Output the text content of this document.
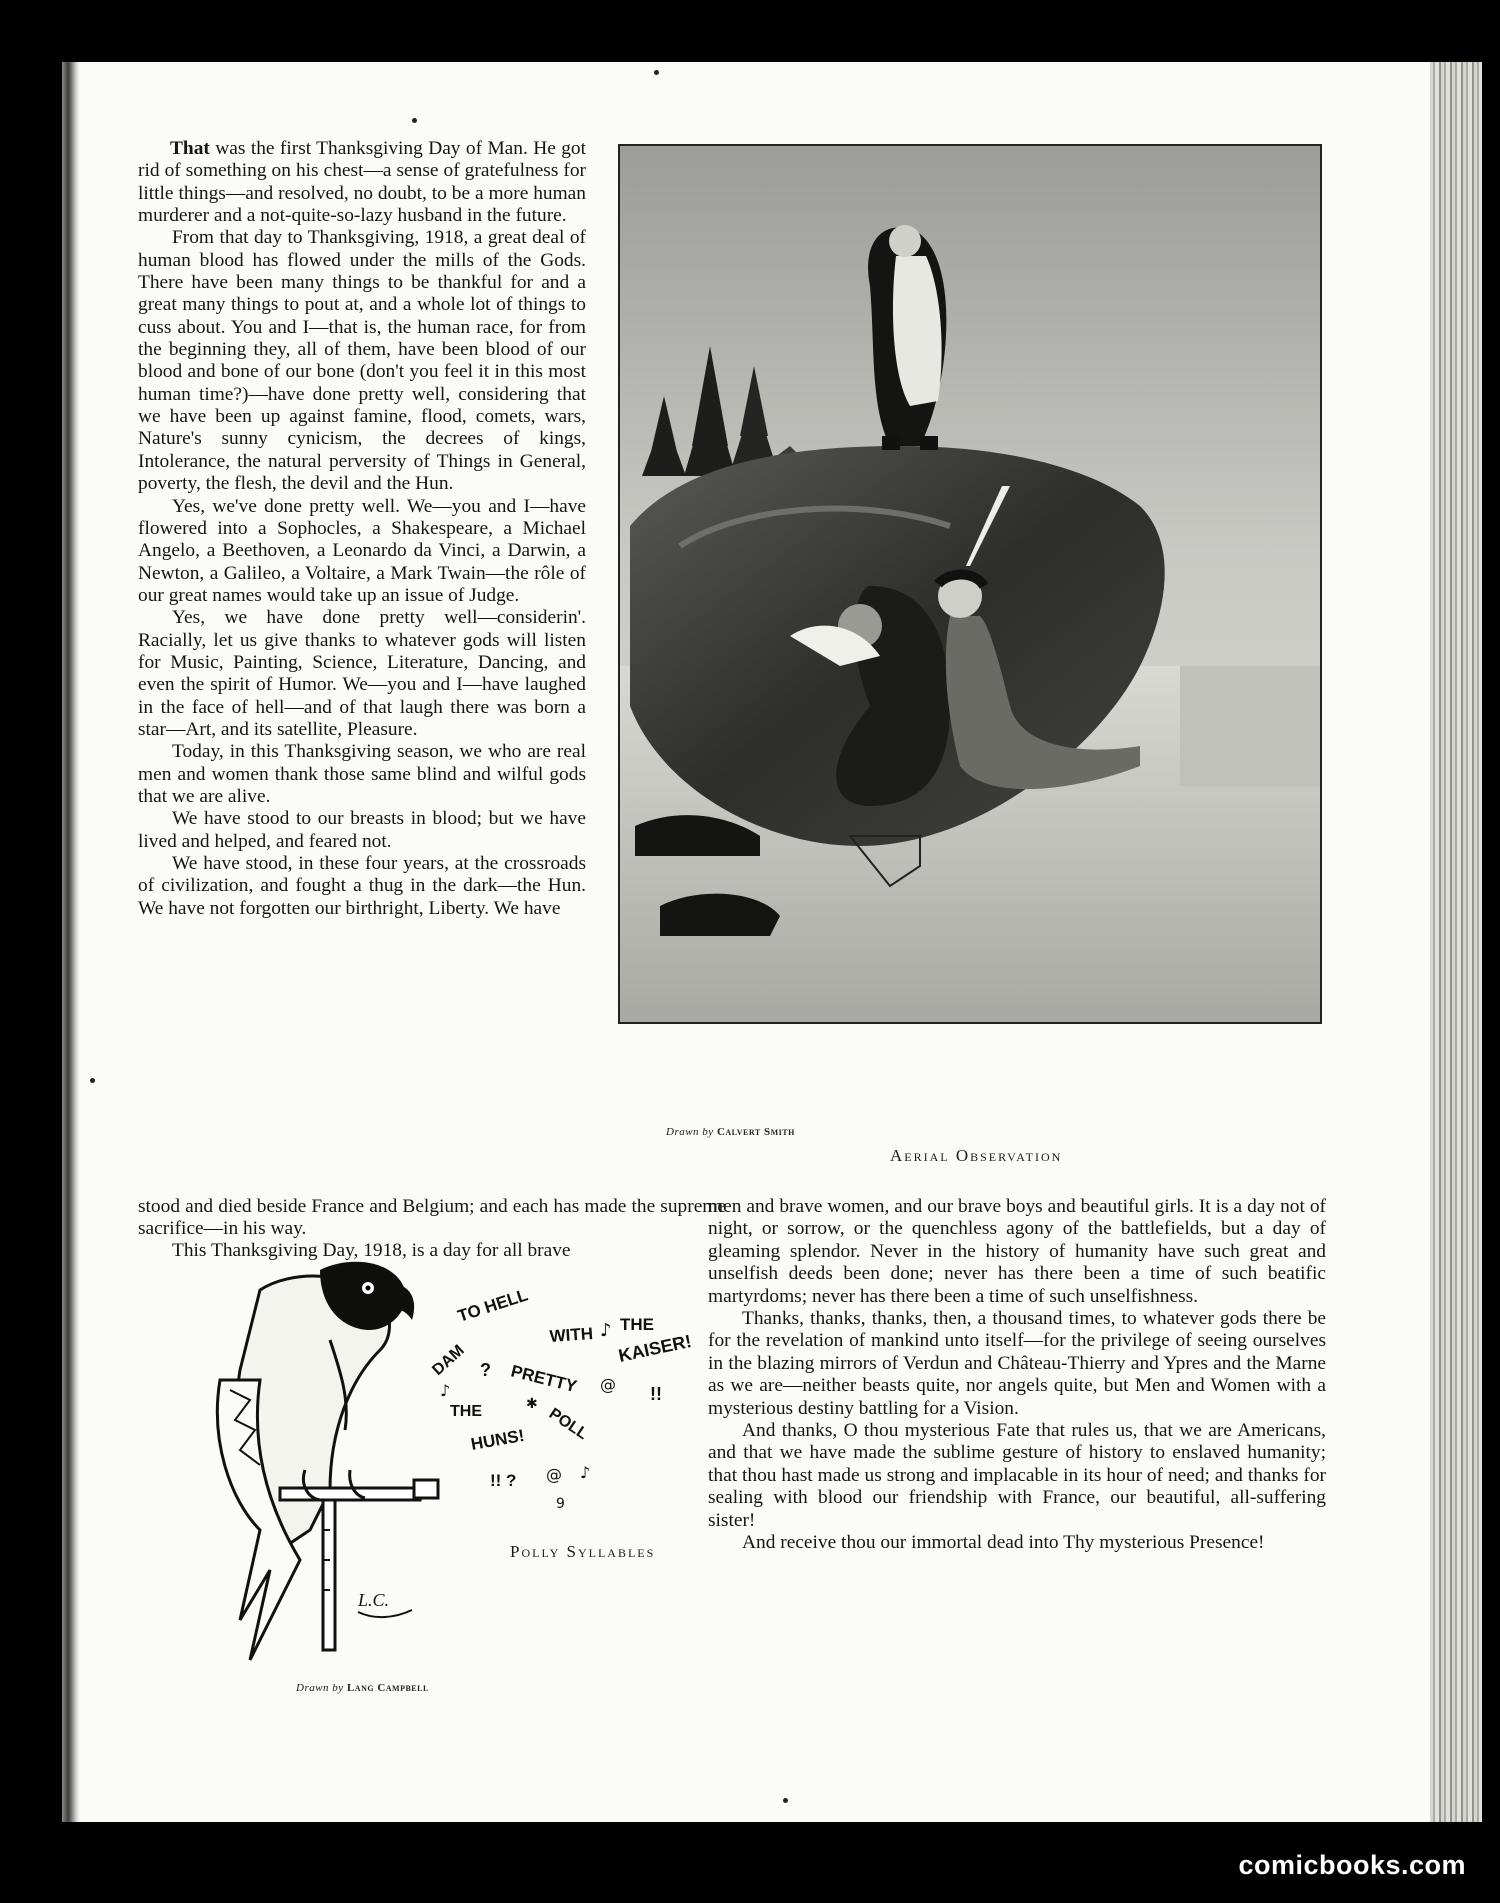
That was the first Thanksgiving Day of Man. He got rid of something on his chest—a sense of gratefulness for little things—and resolved, no doubt, to be a more human murderer and a not-quite-so-lazy husband in the future.

From that day to Thanksgiving, 1918, a great deal of human blood has flowed under the mills of the Gods. There have been many things to be thankful for and a great many things to pout at, and a whole lot of things to cuss about. You and I—that is, the human race, for from the beginning they, all of them, have been blood of our blood and bone of our bone (don't you feel it in this most human time?)—have done pretty well, considering that we have been up against famine, flood, comets, wars, Nature's sunny cynicism, the decrees of kings, Intolerance, the natural perversity of Things in General, poverty, the flesh, the devil and the Hun.

Yes, we've done pretty well. We—you and I—have flowered into a Sophocles, a Shakespeare, a Michael Angelo, a Beethoven, a Leonardo da Vinci, a Darwin, a Newton, a Galileo, a Voltaire, a Mark Twain—the rôle of our great names would take up an issue of Judge.

Yes, we have done pretty well—considerin'. Racially, let us give thanks to whatever gods will listen for Music, Painting, Science, Literature, Dancing, and even the spirit of Humor. We—you and I—have laughed in the face of hell—and of that laugh there was born a star—Art, and its satellite, Pleasure.

Today, in this Thanksgiving season, we who are real men and women thank those same blind and wilful gods that we are alive.

We have stood to our breasts in blood; but we have lived and helped, and feared not.

We have stood, in these four years, at the crossroads of civilization, and fought a thug in the dark—the Hun. We have not forgotten our birthright, Liberty. We have

stood and died beside France and Belgium; and each has made the supreme sacrifice—in his way.

This Thanksgiving Day, 1918, is a day for all brave

Drawn by Calvert Smith
Aerial Observation

men and brave women, and our brave boys and beautiful girls. It is a day not of night, or sorrow, or the quenchless agony of the battlefields, but a day of gleaming splendor. Never in the history of humanity have such great and unselfish deeds been done; never has there been a time of such beatific martyrdoms; never has there been a time of such unselfishness.

Thanks, thanks, thanks, then, a thousand times, to whatever gods there be for the revelation of mankind unto itself—for the privilege of seeing ourselves in the blazing mirrors of Verdun and Château-Thierry and Ypres and the Marne as we are—neither beasts quite, nor angels quite, but Men and Women with a mysterious destiny battling for a Vision.

And thanks, O thou mysterious Fate that rules us, that we are Americans, and that we have made the sublime gesture of history to enslaved humanity; that thou hast made us strong and implacable in its hour of need; and thanks for sealing with blood our friendship with France, our beautiful, all-suffering sister!

And receive thou our immortal dead into Thy mysterious Presence!

TO HELL
WITH THE
DAM ? PRETTY
KAISER!
THE	POLL
!!
HUNS!
!! ?
♪
♪
@
@ ♪
✱
9
L.C.
Polly Syllables
Drawn by Lang Campbell
comicbooks.com
